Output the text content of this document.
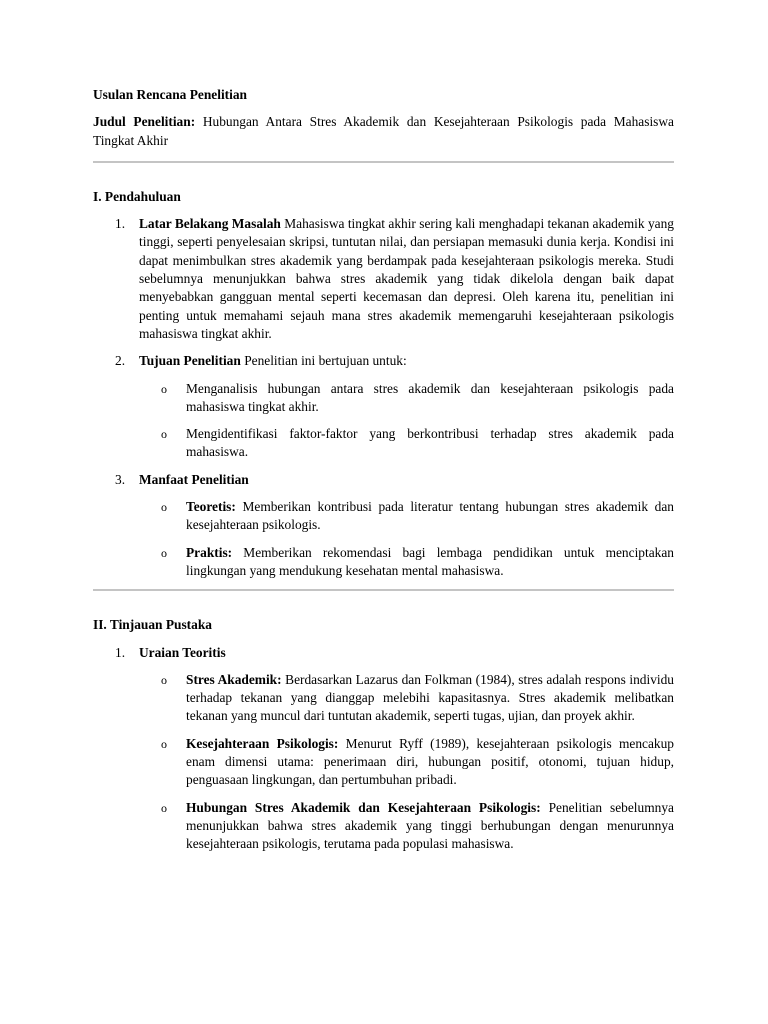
Usulan Rencana Penelitian

Judul Penelitian: Hubungan Antara Stres Akademik dan Kesejahteraan Psikologis pada Mahasiswa Tingkat Akhir

I. Pendahuluan

1. Latar Belakang Masalah Mahasiswa tingkat akhir sering kali menghadapi tekanan akademik yang tinggi, seperti penyelesaian skripsi, tuntutan nilai, dan persiapan memasuki dunia kerja. Kondisi ini dapat menimbulkan stres akademik yang berdampak pada kesejahteraan psikologis mereka. Studi sebelumnya menunjukkan bahwa stres akademik yang tidak dikelola dengan baik dapat menyebabkan gangguan mental seperti kecemasan dan depresi. Oleh karena itu, penelitian ini penting untuk memahami sejauh mana stres akademik memengaruhi kesejahteraan psikologis mahasiswa tingkat akhir.

2. Tujuan Penelitian Penelitian ini bertujuan untuk:

o Menganalisis hubungan antara stres akademik dan kesejahteraan psikologis pada mahasiswa tingkat akhir.
o Mengidentifikasi faktor-faktor yang berkontribusi terhadap stres akademik pada mahasiswa.
3. Manfaat Penelitian

o Teoretis: Memberikan kontribusi pada literatur tentang hubungan stres akademik dan kesejahteraan psikologis.
o Praktis: Memberikan rekomendasi bagi lembaga pendidikan untuk menciptakan lingkungan yang mendukung kesehatan mental mahasiswa.

II. Tinjauan Pustaka

1. Uraian Teoritis

o Stres Akademik: Berdasarkan Lazarus dan Folkman (1984), stres adalah respons individu terhadap tekanan yang dianggap melebihi kapasitasnya. Stres akademik melibatkan tekanan yang muncul dari tuntutan akademik, seperti tugas, ujian, dan proyek akhir.
o Kesejahteraan Psikologis: Menurut Ryff (1989), kesejahteraan psikologis mencakup enam dimensi utama: penerimaan diri, hubungan positif, otonomi, tujuan hidup, penguasaan lingkungan, dan pertumbuhan pribadi.
o Hubungan Stres Akademik dan Kesejahteraan Psikologis: Penelitian sebelumnya menunjukkan bahwa stres akademik yang tinggi berhubungan dengan menurunnya kesejahteraan psikologis, terutama pada populasi mahasiswa.
